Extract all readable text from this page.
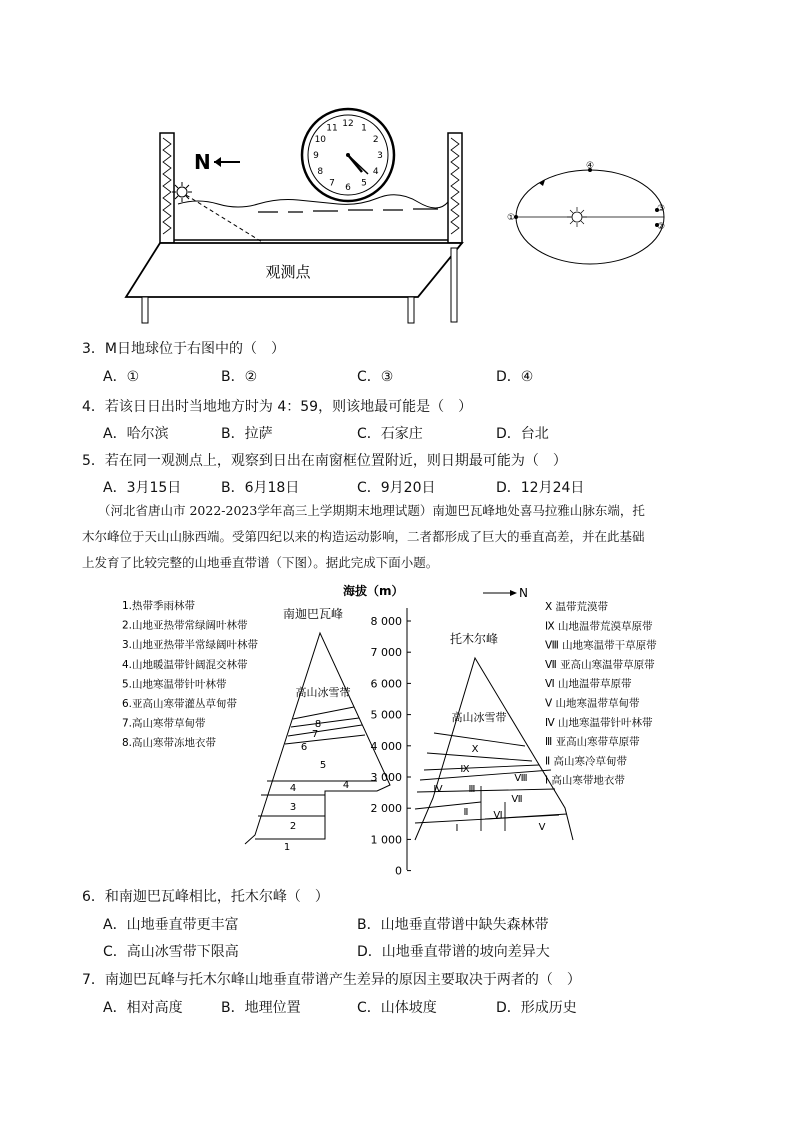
N
12 1
2
3
4
5
6
7
8
9
10
11
观测点
①
②
③
④
3．M日地球位于右图中的（　）
A．①	B．②	C．③	D．④
4．若该日日出时当地地方时为 4：59，则该地最可能是（　）
A．哈尔滨	B．拉萨	C．石家庄	D．台北
5．若在同一观测点上，观察到日出在南窗框位置附近，则日期最可能为（　）
A．3月15日	B．6月18日	C．9月20日	D．12月24日
（河北省唐山市 2022-2023学年高三上学期期末地理试题）南迦巴瓦峰地处喜马拉雅山脉东端，托
木尔峰位于天山山脉西端。受第四纪以来的构造运动影响，二者都形成了巨大的垂直高差，并在此基础
上发育了比较完整的山地垂直带谱（下图）。据此完成下面小题。
海拔（m）	N
8 000
7 000
6 000
5 000
4 000
3 000
2 000
1 000
0
南迦巴瓦峰
高山冰雪带
1
2
3
4	4
5
6
7
8
1.热带季雨林带
2.山地亚热带常绿阔叶林带
3.山地亚热带半常绿阔叶林带
4.山地暖温带针阔混交林带
5.山地寒温带针叶林带
6.亚高山寒带灌丛草甸带
7.高山寒带草甸带
8.高山寒带冻地衣带
托木尔峰
高山冰雪带
Ⅰ
Ⅱ
Ⅲ
Ⅳ
Ⅴ
Ⅵ
Ⅶ
Ⅷ
Ⅸ
Ⅹ
Ⅹ 温带荒漠带
Ⅸ 山地温带荒漠草原带
Ⅷ 山地寒温带干草原带
Ⅶ 亚高山寒温带草原带
Ⅵ 山地温带草原带
Ⅴ 山地寒温带草甸带
Ⅳ 山地寒温带针叶林带
Ⅲ 亚高山寒带草原带
Ⅱ 高山寒冷草甸带
Ⅰ 高山寒带地衣带
6．和南迦巴瓦峰相比，托木尔峰（　）
A．山地垂直带更丰富	B．山地垂直带谱中缺失森林带
C．高山冰雪带下限高	D．山地垂直带谱的坡向差异大
7．南迦巴瓦峰与托木尔峰山地垂直带谱产生差异的原因主要取决于两者的（　）
A．相对高度	B．地理位置	C．山体坡度	D．形成历史
